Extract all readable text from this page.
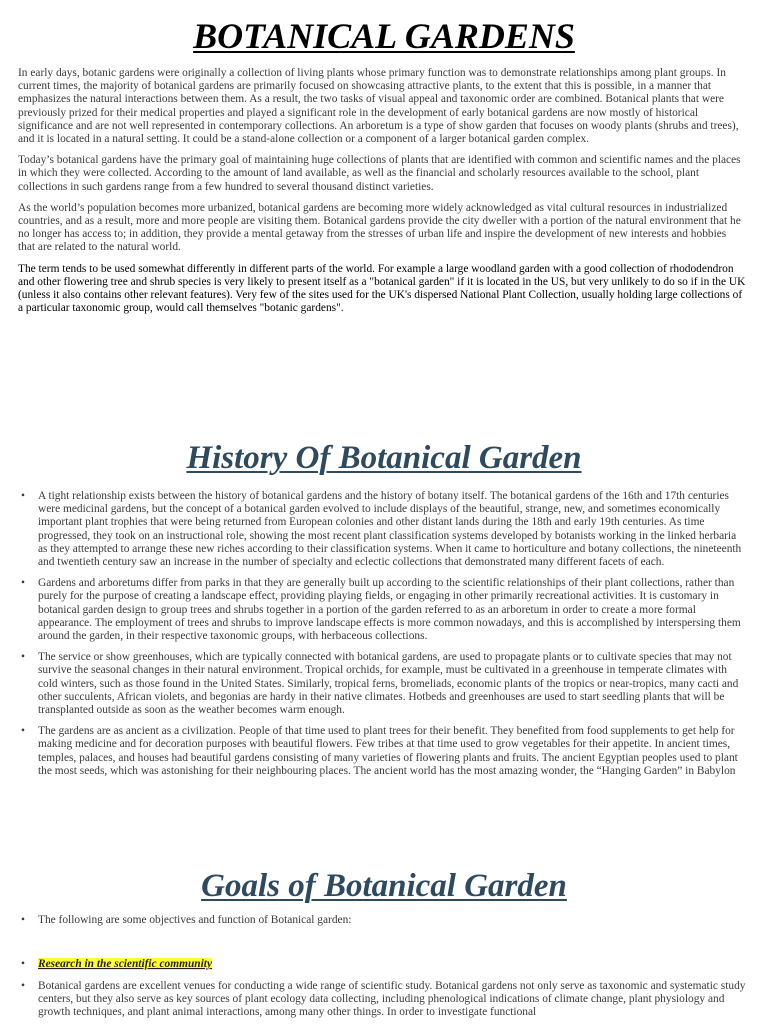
BOTANICAL GARDENS

In early days, botanic gardens were originally a collection of living plants whose primary function was to demonstrate relationships among plant groups. In current times, the majority of botanical gardens are primarily focused on showcasing attractive plants, to the extent that this is possible, in a manner that emphasizes the natural interactions between them. As a result, the two tasks of visual appeal and taxonomic order are combined. Botanical plants that were previously prized for their medical properties and played a significant role in the development of early botanical gardens are now mostly of historical significance and are not well represented in contemporary collections. An arboretum is a type of show garden that focuses on woody plants (shrubs and trees), and it is located in a natural setting. It could be a stand-alone collection or a component of a larger botanical garden complex.

Today’s botanical gardens have the primary goal of maintaining huge collections of plants that are identified with common and scientific names and the places in which they were collected. According to the amount of land available, as well as the financial and scholarly resources available to the school, plant collections in such gardens range from a few hundred to several thousand distinct varieties.

As the world’s population becomes more urbanized, botanical gardens are becoming more widely acknowledged as vital cultural resources in industrialized countries, and as a result, more and more people are visiting them. Botanical gardens provide the city dweller with a portion of the natural environment that he no longer has access to; in addition, they provide a mental getaway from the stresses of urban life and inspire the development of new interests and hobbies that are related to the natural world.

The term tends to be used somewhat differently in different parts of the world. For example a large woodland garden with a good collection of rhododendron and other flowering tree and shrub species is very likely to present itself as a "botanical garden" if it is located in the US, but very unlikely to do so if in the UK (unless it also contains other relevant features). Very few of the sites used for the UK's dispersed National Plant Collection, usually holding large collections of a particular taxonomic group, would call themselves "botanic gardens".

History Of Botanical Garden
• A tight relationship exists between the history of botanical gardens and the history of botany itself. The botanical gardens of the 16th and 17th centuries were medicinal gardens, but the concept of a botanical garden evolved to include displays of the beautiful, strange, new, and sometimes economically important plant trophies that were being returned from European colonies and other distant lands during the 18th and early 19th centuries. As time progressed, they took on an instructional role, showing the most recent plant classification systems developed by botanists working in the linked herbaria as they attempted to arrange these new riches according to their classification systems. When it came to horticulture and botany collections, the nineteenth and twentieth century saw an increase in the number of specialty and eclectic collections that demonstrated many different facets of each.
• Gardens and arboretums differ from parks in that they are generally built up according to the scientific relationships of their plant collections, rather than purely for the purpose of creating a landscape effect, providing playing fields, or engaging in other primarily recreational activities. It is customary in botanical garden design to group trees and shrubs together in a portion of the garden referred to as an arboretum in order to create a more formal appearance. The employment of trees and shrubs to improve landscape effects is more common nowadays, and this is accomplished by interspersing them around the garden, in their respective taxonomic groups, with herbaceous collections.
• The service or show greenhouses, which are typically connected with botanical gardens, are used to propagate plants or to cultivate species that may not survive the seasonal changes in their natural environment. Tropical orchids, for example, must be cultivated in a greenhouse in temperate climates with cold winters, such as those found in the United States. Similarly, tropical ferns, bromeliads, economic plants of the tropics or near-tropics, many cacti and other succulents, African violets, and begonias are hardy in their native climates. Hotbeds and greenhouses are used to start seedling plants that will be transplanted outside as soon as the weather becomes warm enough.
• The gardens are as ancient as a civilization. People of that time used to plant trees for their benefit. They benefited from food supplements to get help for making medicine and for decoration purposes with beautiful flowers. Few tribes at that time used to grow vegetables for their appetite. In ancient times, temples, palaces, and houses had beautiful gardens consisting of many varieties of flowering plants and fruits. The ancient Egyptian peoples used to plant the most seeds, which was astonishing for their neighbouring places. The ancient world has the most amazing wonder, the “Hanging Garden” in Babylon
Goals of Botanical Garden
• The following are some objectives and function of Botanical garden:
• Research in the scientific community
• Botanical gardens are excellent venues for conducting a wide range of scientific study. Botanical gardens not only serve as taxonomic and systematic study centers, but they also serve as key sources of plant ecology data collecting, including phenological indications of climate change, plant physiology and growth techniques, and plant animal interactions, among many other things. In order to investigate functional
